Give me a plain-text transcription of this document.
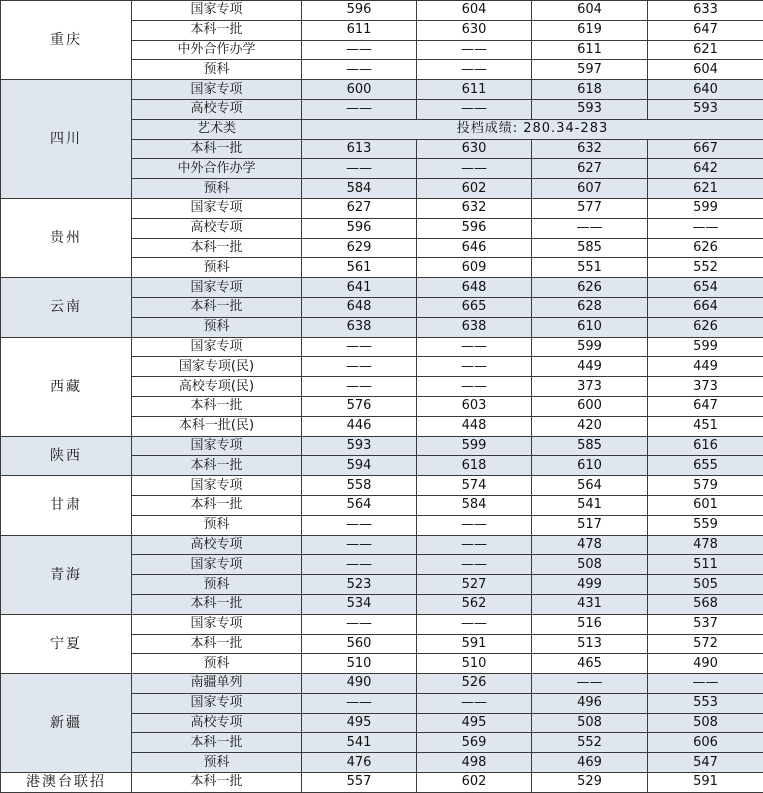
重庆	国家专项	596	604	604	633
	本科一批	611	630	619	647
	中外合作办学	——	——	611	621
	预科	——	——	597	604
四川	国家专项	600	611	618	640
	高校专项	——	——	593	593
	艺术类	投档成绩: 280.34-283			
	本科一批	613	630	632	667
	中外合作办学	——	——	627	642
	预科	584	602	607	621
贵州	国家专项	627	632	577	599
	高校专项	596	596	——	——
	本科一批	629	646	585	626
	预科	561	609	551	552
云南	国家专项	641	648	626	654
	本科一批	648	665	628	664
	预科	638	638	610	626
西藏	国家专项	——	——	599	599
	国家专项(民)	——	——	449	449
	高校专项(民)	——	——	373	373
	本科一批	576	603	600	647
	本科一批(民)	446	448	420	451
陕西	国家专项	593	599	585	616
	本科一批	594	618	610	655
甘肃	国家专项	558	574	564	579
	本科一批	564	584	541	601
	预科	——	——	517	559
青海	高校专项	——	——	478	478
	国家专项	——	——	508	511
	预科	523	527	499	505
	本科一批	534	562	431	568
宁夏	国家专项	——	——	516	537
	本科一批	560	591	513	572
	预科	510	510	465	490
新疆	南疆单列	490	526	——	——
	国家专项	——	——	496	553
	高校专项	495	495	508	508
	本科一批	541	569	552	606
	预科	476	498	469	547
港澳台联招	本科一批	557	602	529	591
